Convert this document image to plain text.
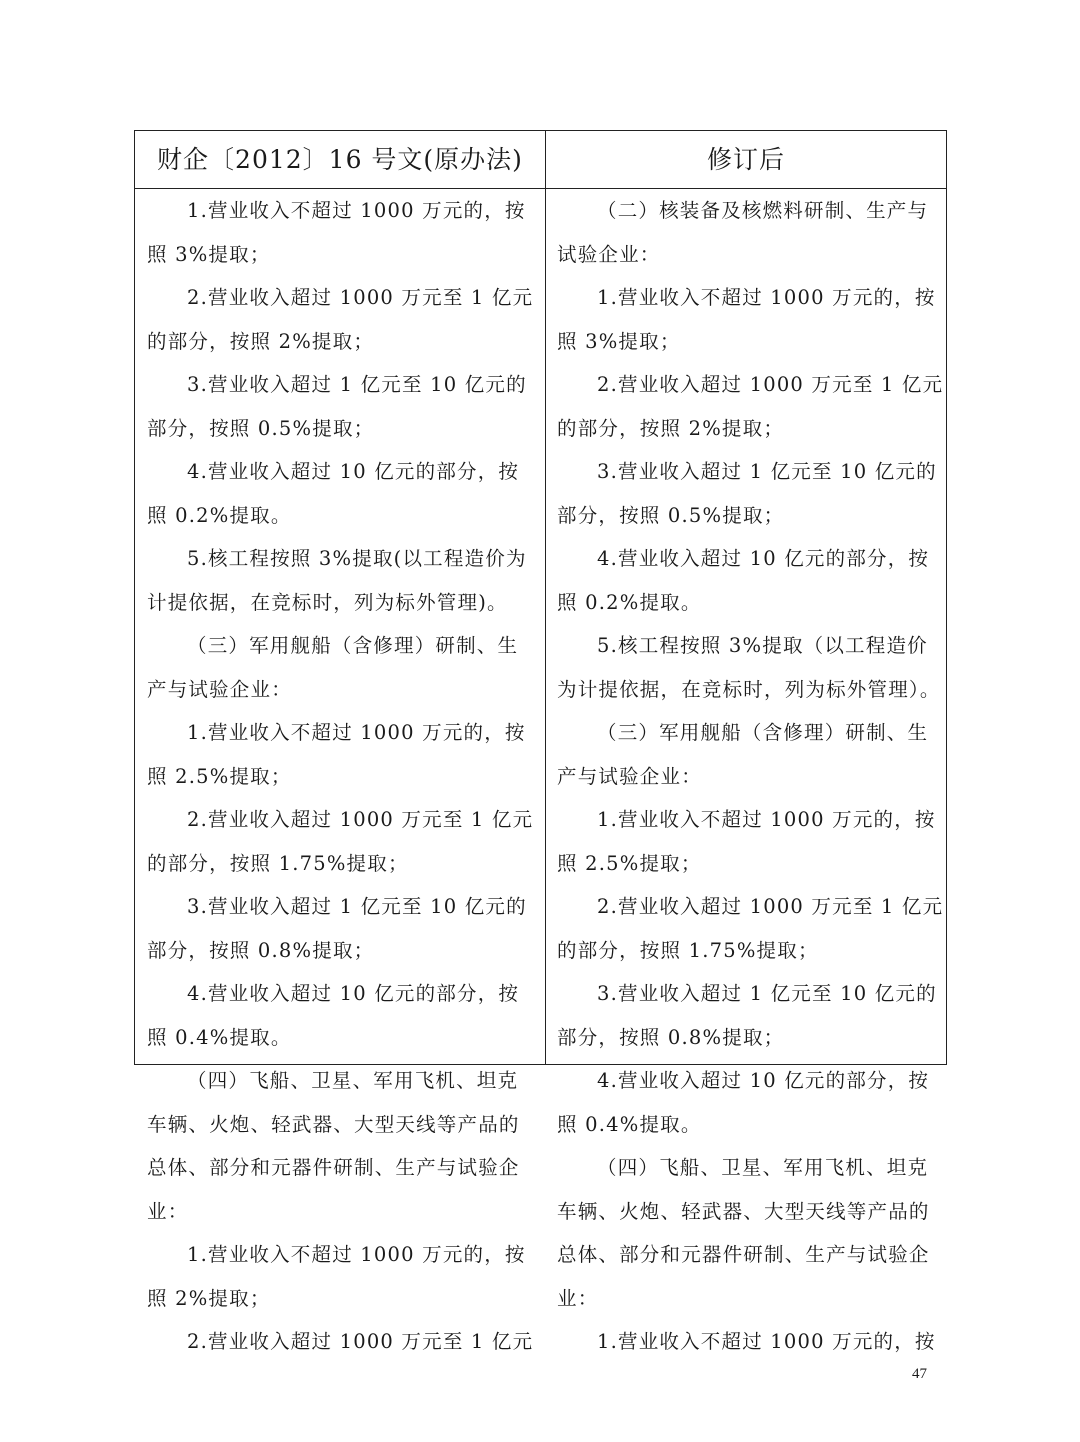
财企〔2012〕16 号文(原办法)	修订后
1.营业收入不超过 1000 万元的，按
照 3%提取；
2.营业收入超过 1000 万元至 1 亿元
的部分，按照 2%提取；
3.营业收入超过 1 亿元至 10 亿元的
部分，按照 0.5%提取；
4.营业收入超过 10 亿元的部分，按
照 0.2%提取。
5.核工程按照 3%提取(以工程造价为
计提依据，在竞标时，列为标外管理)。
（三）军用舰船（含修理）研制、生
产与试验企业：
1.营业收入不超过 1000 万元的，按
照 2.5%提取；
2.营业收入超过 1000 万元至 1 亿元
的部分，按照 1.75%提取；
3.营业收入超过 1 亿元至 10 亿元的
部分，按照 0.8%提取；
4.营业收入超过 10 亿元的部分，按
照 0.4%提取。
（四）飞船、卫星、军用飞机、坦克
车辆、火炮、轻武器、大型天线等产品的
总体、部分和元器件研制、生产与试验企
业：
1.营业收入不超过 1000 万元的，按
照 2%提取；
2.营业收入超过 1000 万元至 1 亿元
（二）核装备及核燃料研制、生产与
试验企业：
1.营业收入不超过 1000 万元的，按
照 3%提取；
2.营业收入超过 1000 万元至 1 亿元
的部分，按照 2%提取；
3.营业收入超过 1 亿元至 10 亿元的
部分，按照 0.5%提取；
4.营业收入超过 10 亿元的部分，按
照 0.2%提取。
5.核工程按照 3%提取（以工程造价
为计提依据，在竞标时，列为标外管理）。
（三）军用舰船（含修理）研制、生
产与试验企业：
1.营业收入不超过 1000 万元的，按
照 2.5%提取；
2.营业收入超过 1000 万元至 1 亿元
的部分，按照 1.75%提取；
3.营业收入超过 1 亿元至 10 亿元的
部分，按照 0.8%提取；
4.营业收入超过 10 亿元的部分，按
照 0.4%提取。
（四）飞船、卫星、军用飞机、坦克
车辆、火炮、轻武器、大型天线等产品的
总体、部分和元器件研制、生产与试验企
业：
1.营业收入不超过 1000 万元的，按
47
